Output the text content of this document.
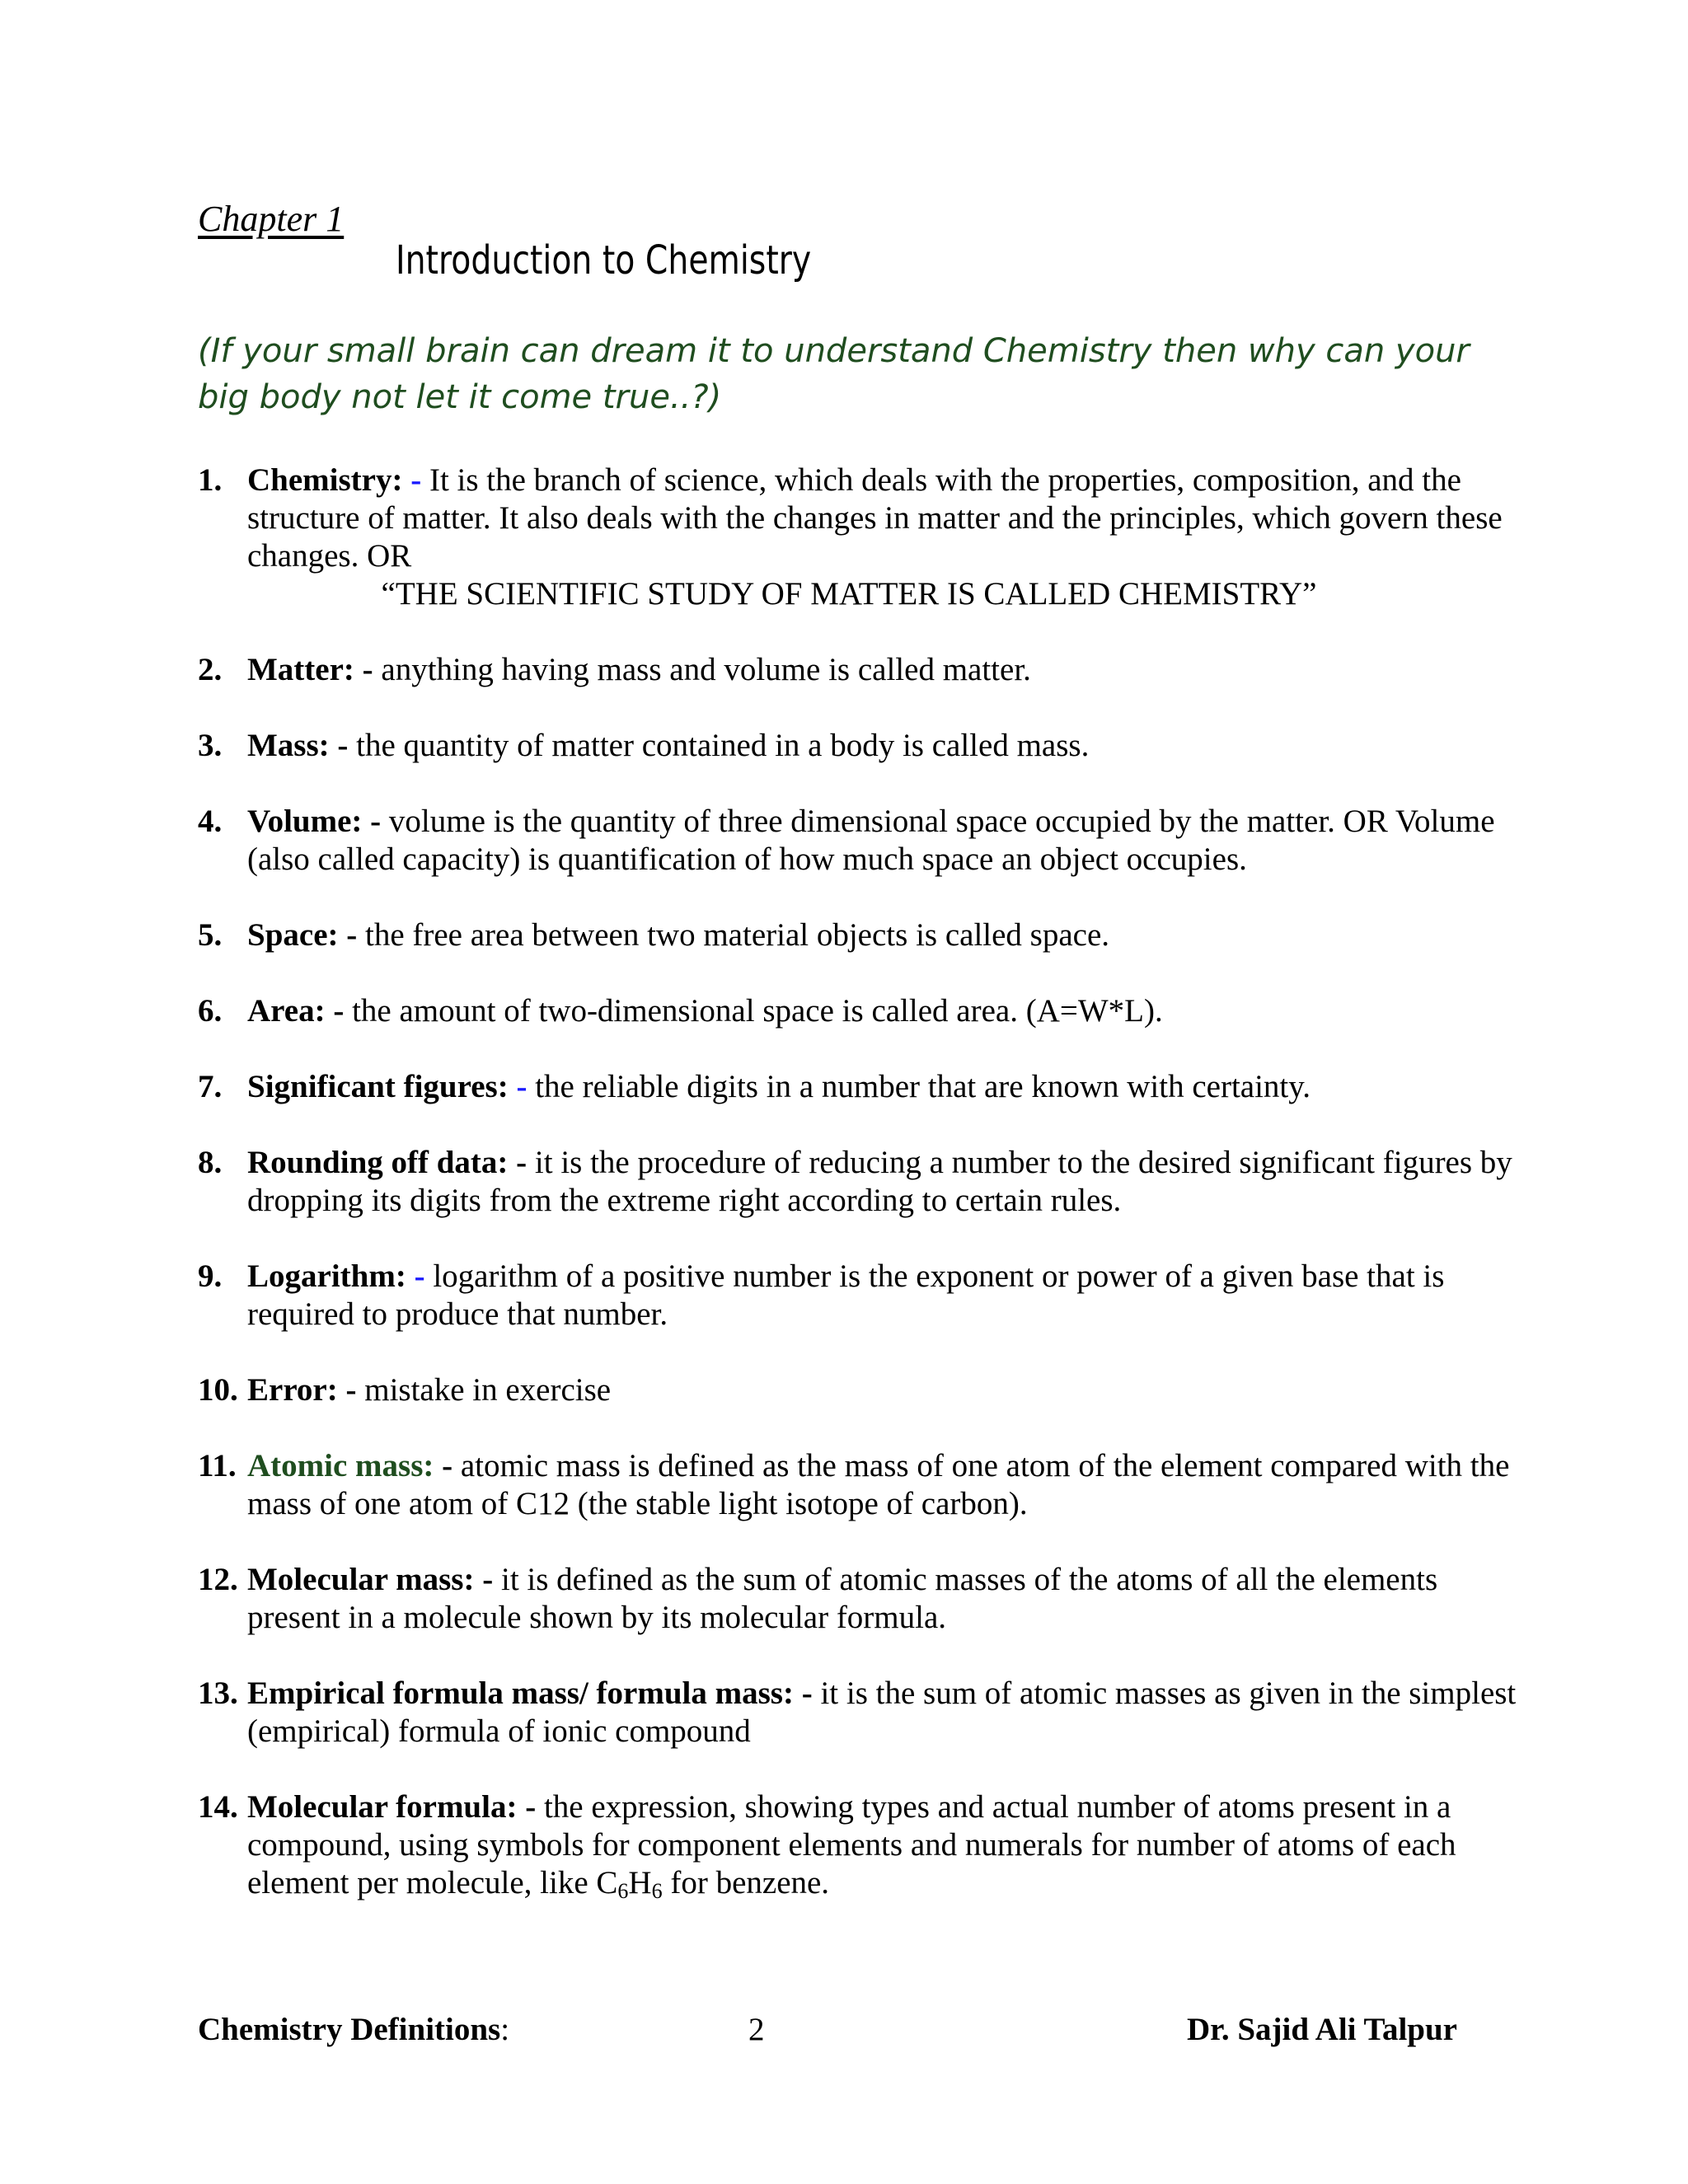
Chapter 1
Introduction to Chemistry
(If your small brain can dream it to understand Chemistry then why can your big body not let it come true..?)
1. Chemistry: - It is the branch of science, which deals with the properties, composition, and the structure of matter. It also deals with the changes in matter and the principles, which govern these changes. OR
“THE SCIENTIFIC STUDY OF MATTER IS CALLED CHEMISTRY”
2. Matter: - anything having mass and volume is called matter.
3. Mass: - the quantity of matter contained in a body is called mass.
4. Volume: - volume is the quantity of three dimensional space occupied by the matter. OR Volume (also called capacity) is quantification of how much space an object occupies.
5. Space: - the free area between two material objects is called space.
6. Area: - the amount of two-dimensional space is called area. (A=W*L).
7. Significant figures: - the reliable digits in a number that are known with certainty.
8. Rounding off data: - it is the procedure of reducing a number to the desired significant figures by dropping its digits from the extreme right according to certain rules.
9. Logarithm: - logarithm of a positive number is the exponent or power of a given base that is required to produce that number.
10. Error: - mistake in exercise
11. Atomic mass: - atomic mass is defined as the mass of one atom of the element compared with the mass of one atom of C12 (the stable light isotope of carbon).
12. Molecular mass: - it is defined as the sum of atomic masses of the atoms of all the elements present in a molecule shown by its molecular formula.
13. Empirical formula mass/ formula mass: - it is the sum of atomic masses as given in the simplest (empirical) formula of ionic compound
14. Molecular formula: - the expression, showing types and actual number of atoms present in a compound, using symbols for component elements and numerals for number of atoms of each element per molecule, like $C_6H_6$ for benzene.
Chemistry Definitions:	2	Dr. Sajid Ali Talpur
